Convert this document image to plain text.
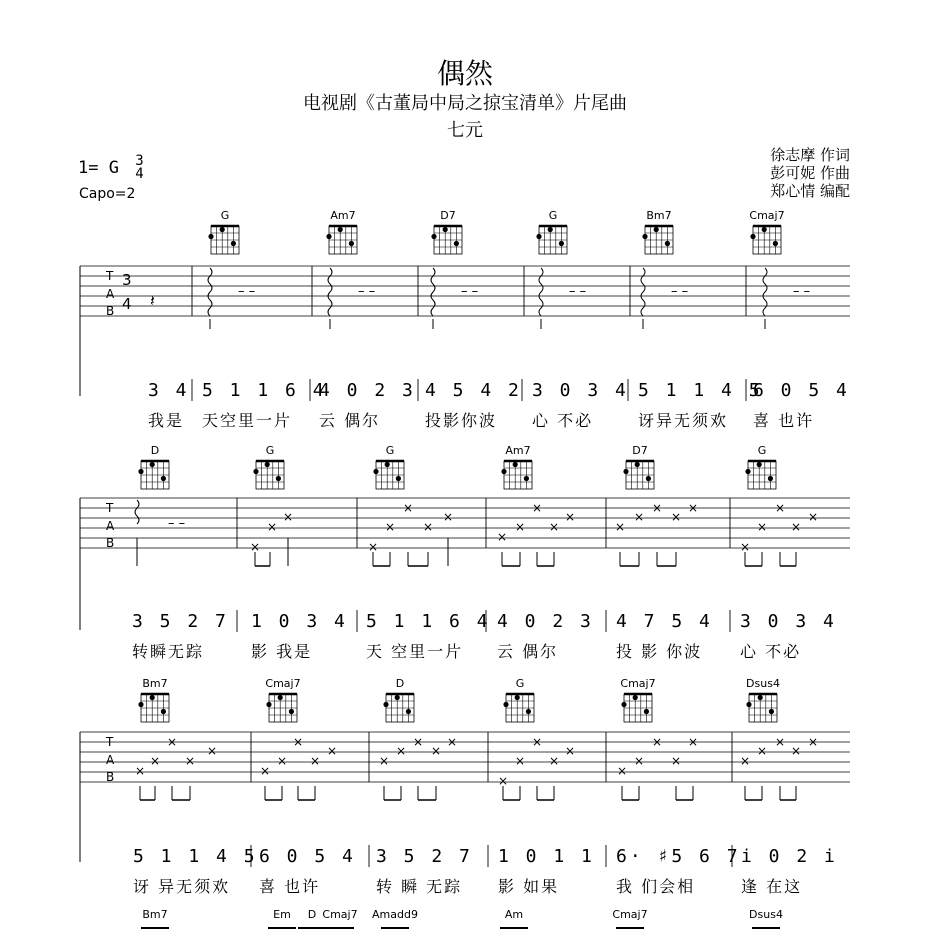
偶然
电视剧《古董局中局之掠宝清单》片尾曲
七元
1= G 3
4
Capo=2
徐志摩 作词
彭可妮 作曲
郑心情 编配
G	Am7	D7	G	Bm7	Cmaj7
T
A
B
3
4 𝄽	– –	– –	– –	– –	– –	– –
3 4
我是
5 1 1 6 4
天空里一片
4 0 2 3
云 偶尔
4 5 4 2
投影你波
3 0 3 4
心 不必
5 1 1 4 5
讶异无须欢
6 0 5 4
喜 也许
D	G	G	Am7	D7	G
T
A
B	×
×
×
×
×
×
×
×
×
×
×
×
×
×
×
×
×
×
×
×
×
×
×
– –
3 5 2 7
转瞬无踪
1 0 3 4
影 我是
5 1 1 6 4
天 空里一片
4 0 2 3
云 偶尔
4 7 5 4
投 影 你波
3 0 3 4
心 不必
Bm7	Cmaj7	D	G	Cmaj7	Dsus4
T
A
B ×
×
×
×
×
×
×
×
×
×
×
×
×
×
×
×
×
×
×
×
×
×
×
×
×
×
×
×
×
×
5 1 1 4 5
讶 异无须欢
6 0 5 4
喜 也许
3 5 2 7
转 瞬 无踪
1 0 1 1
影 如果
6· ♯5 6 7
我 们会相
i 0 2 i
逢 在这
Bm7	Em D Cmaj7 Amadd9	Am	Cmaj7	Dsus4
